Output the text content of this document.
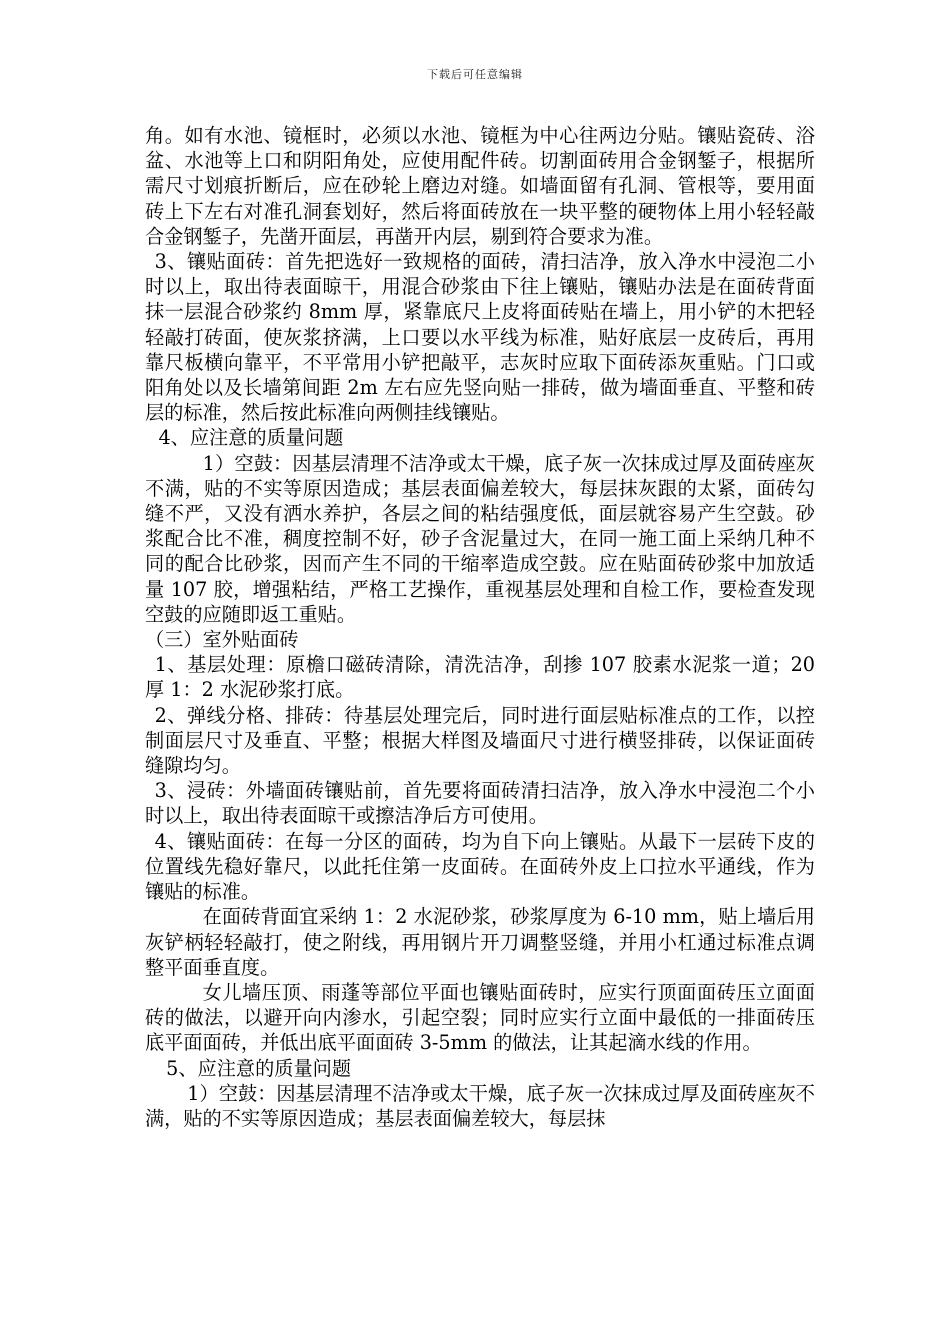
下载后可任意编辑

角。如有水池、镜框时，必须以水池、镜框为中心往两边分贴。镶贴瓷砖、浴盆、水池等上口和阴阳角处，应使用配件砖。切割面砖用合金钢錾子，根据所需尺寸划痕折断后，应在砂轮上磨边对缝。如墙面留有孔洞、管根等，要用面砖上下左右对准孔洞套划好，然后将面砖放在一块平整的硬物体上用小轻轻敲合金钢錾子，先凿开面层，再凿开内层，剔到符合要求为准。

3、镶贴面砖：首先把选好一致规格的面砖，清扫洁净，放入净水中浸泡二小时以上，取出待表面晾干，用混合砂浆由下往上镶贴，镶贴办法是在面砖背面抹一层混合砂浆约 8mm 厚，紧靠底尺上皮将面砖贴在墙上，用小铲的木把轻轻敲打砖面，使灰浆挤满，上口要以水平线为标准，贴好底层一皮砖后，再用靠尺板横向靠平，不平常用小铲把敲平，志灰时应取下面砖添灰重贴。门口或阳角处以及长墙第间距 2m 左右应先竖向贴一排砖，做为墙面垂直、平整和砖层的标准，然后按此标准向两侧挂线镶贴。

4、应注意的质量问题

1）空鼓：因基层清理不洁净或太干燥，底子灰一次抹成过厚及面砖座灰不满，贴的不实等原因造成；基层表面偏差较大，每层抹灰跟的太紧，面砖勾缝不严，又没有洒水养护，各层之间的粘结强度低，面层就容易产生空鼓。砂浆配合比不准，稠度控制不好，砂子含泥量过大，在同一施工面上采纳几种不同的配合比砂浆，因而产生不同的干缩率造成空鼓。应在贴面砖砂浆中加放适量 107 胶，增强粘结，严格工艺操作，重视基层处理和自检工作，要检查发现空鼓的应随即返工重贴。

（三）室外贴面砖

1、基层处理：原檐口磁砖清除，清洗洁净，刮掺 107 胶素水泥浆一道；20 厚 1：2 水泥砂浆打底。

2、弹线分格、排砖：待基层处理完后，同时进行面层贴标准点的工作，以控制面层尺寸及垂直、平整；根据大样图及墙面尺寸进行横竖排砖，以保证面砖缝隙均匀。

3、浸砖：外墙面砖镶贴前，首先要将面砖清扫洁净，放入净水中浸泡二个小时以上，取出待表面晾干或擦洁净后方可使用。

4、镶贴面砖：在每一分区的面砖，均为自下向上镶贴。从最下一层砖下皮的位置线先稳好靠尺，以此托住第一皮面砖。在面砖外皮上口拉水平通线，作为镶贴的标准。

在面砖背面宜采纳 1：2 水泥砂浆，砂浆厚度为 6-10 mm，贴上墙后用灰铲柄轻轻敲打，使之附线，再用钢片开刀调整竖缝，并用小杠通过标准点调整平面垂直度。

女儿墙压顶、雨蓬等部位平面也镶贴面砖时，应实行顶面面砖压立面面砖的做法，以避开向内渗水，引起空裂；同时应实行立面中最低的一排面砖压底平面面砖，并低出底平面面砖 3-5mm 的做法，让其起滴水线的作用。

5、应注意的质量问题

1）空鼓：因基层清理不洁净或太干燥，底子灰一次抹成过厚及面砖座灰不满，贴的不实等原因造成；基层表面偏差较大，每层抹
